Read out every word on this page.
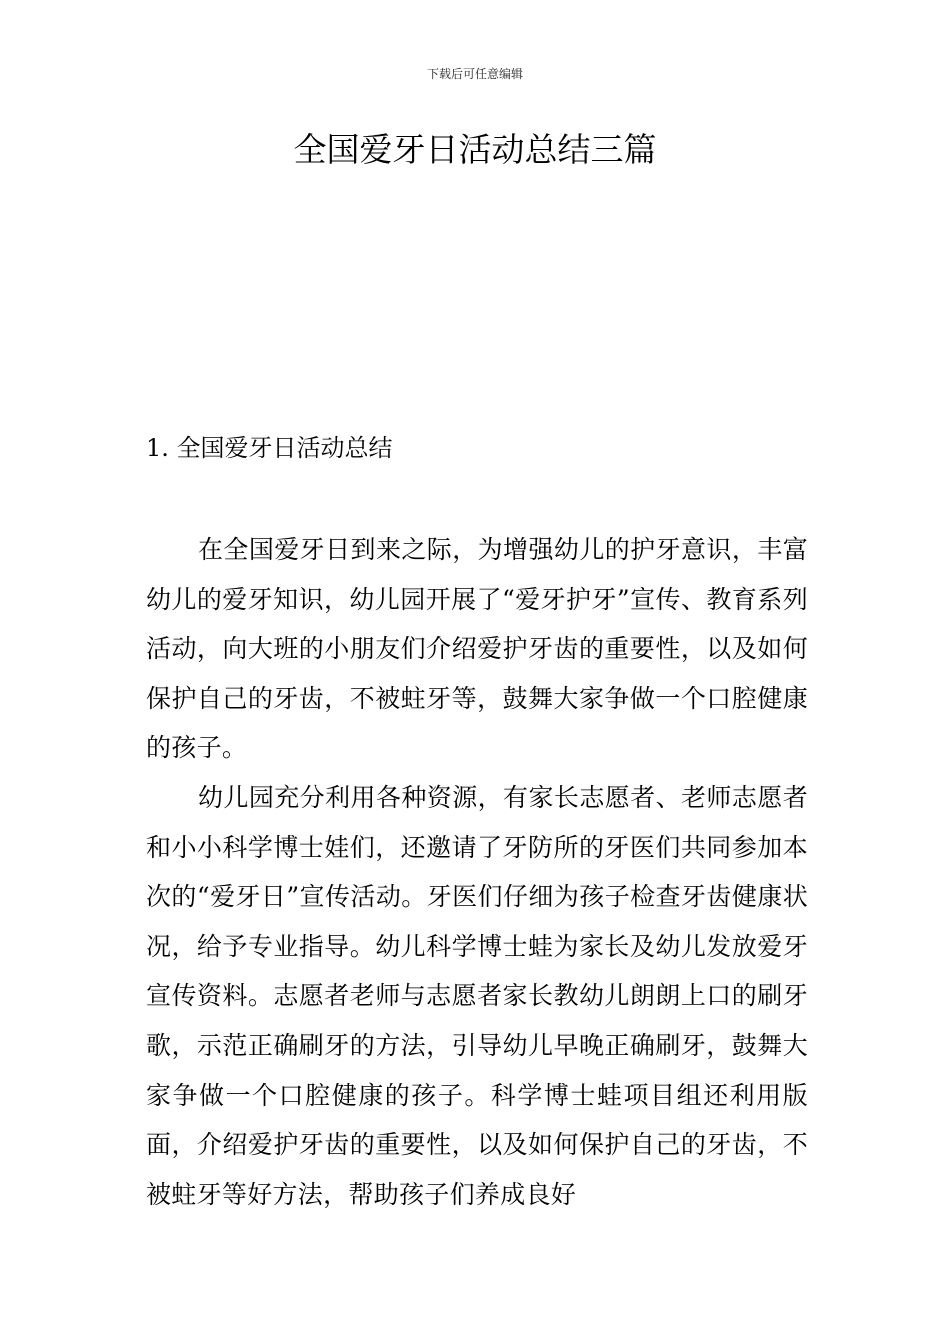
下载后可任意编辑
全国爱牙日活动总结三篇
1. 全国爱牙日活动总结

在全国爱牙日到来之际，为增强幼儿的护牙意识，丰富幼儿的爱牙知识，幼儿园开展了“爱牙护牙”宣传、教育系列活动，向大班的小朋友们介绍爱护牙齿的重要性，以及如何保护自己的牙齿，不被蛀牙等，鼓舞大家争做一个口腔健康的孩子。

幼儿园充分利用各种资源，有家长志愿者、老师志愿者和小小科学博士娃们，还邀请了牙防所的牙医们共同参加本次的“爱牙日”宣传活动。牙医们仔细为孩子检查牙齿健康状况，给予专业指导。幼儿科学博士蛙为家长及幼儿发放爱牙宣传资料。志愿者老师与志愿者家长教幼儿朗朗上口的刷牙歌，示范正确刷牙的方法，引导幼儿早晚正确刷牙，鼓舞大家争做一个口腔健康的孩子。科学博士蛙项目组还利用版面，介绍爱护牙齿的重要性，以及如何保护自己的牙齿，不被蛀牙等好方法，帮助孩子们养成良好
